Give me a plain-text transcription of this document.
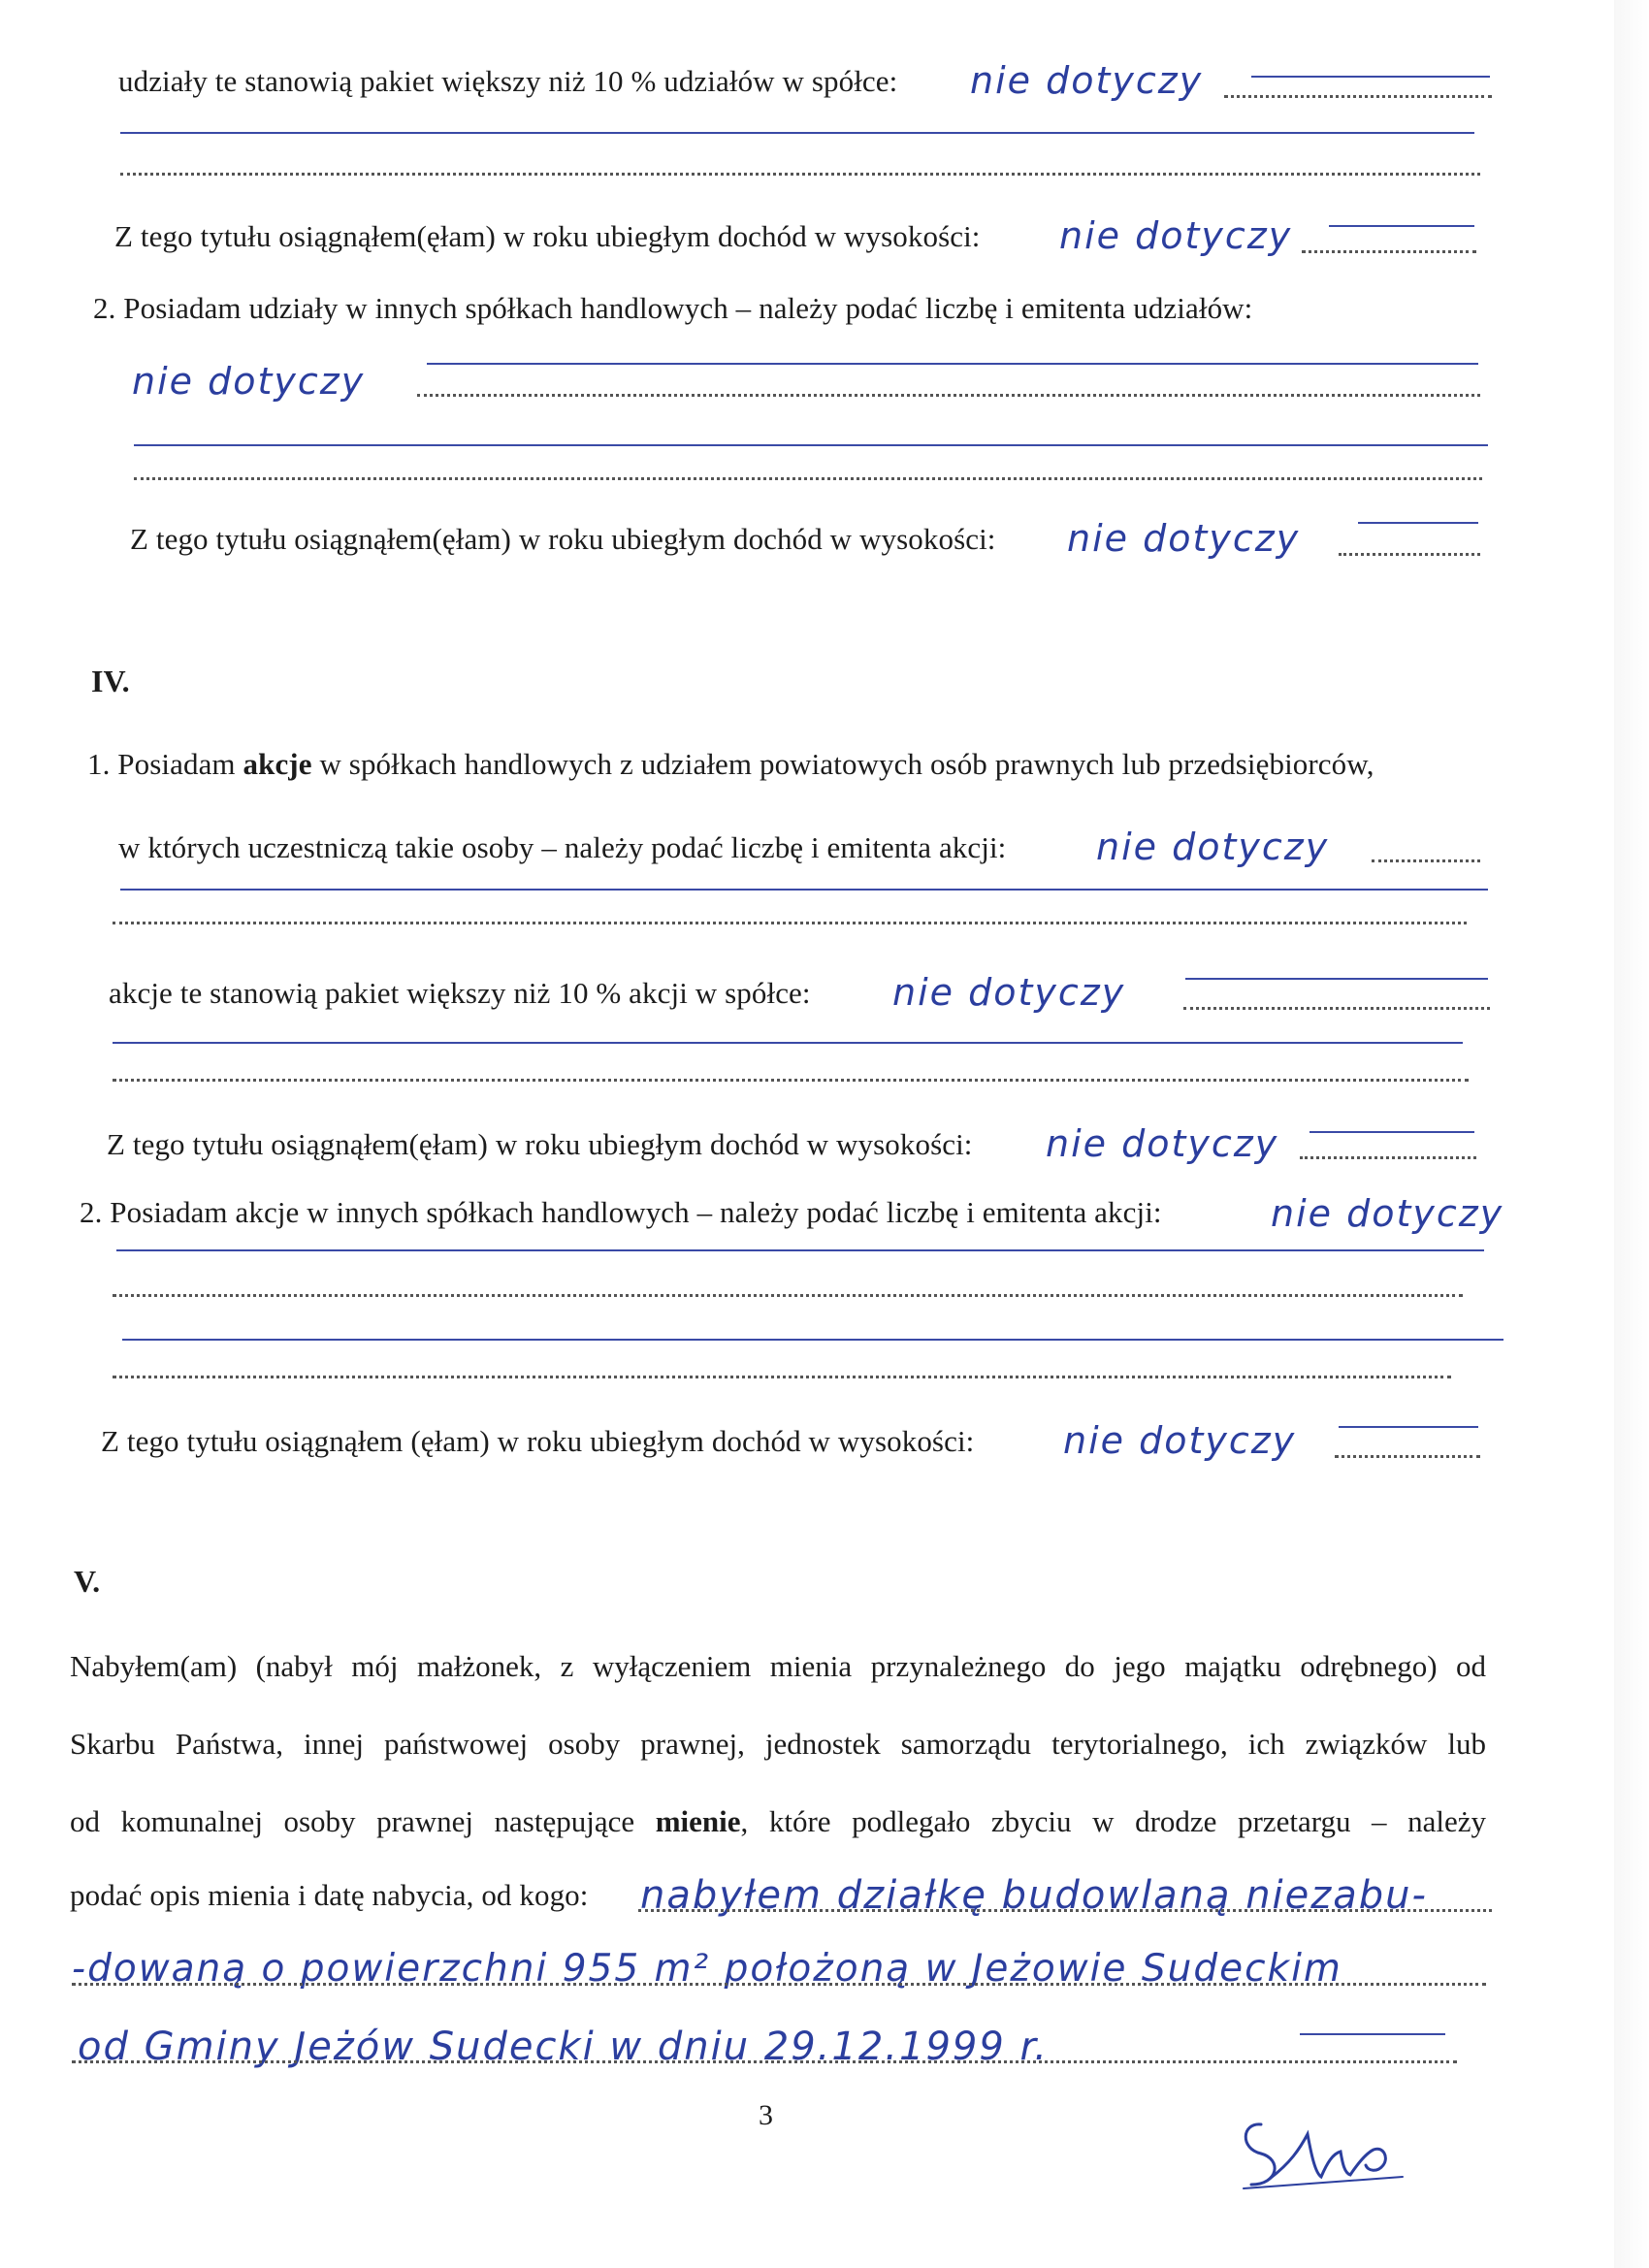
udziały te stanowią pakiet większy niż 10 % udziałów w spółce: nie dotyczy
Z tego tytułu osiągnąłem(ęłam) w roku ubiegłym dochód w wysokości: nie dotyczy
2. Posiadam udziały w innych spółkach handlowych – należy podać liczbę i emitenta udziałów:
nie dotyczy
Z tego tytułu osiągnąłem(ęłam) w roku ubiegłym dochód w wysokości: nie dotyczy
IV.
1. Posiadam akcje w spółkach handlowych z udziałem powiatowych osób prawnych lub przedsiębiorców,
w których uczestniczą takie osoby – należy podać liczbę i emitenta akcji: nie dotyczy
akcje te stanowią pakiet większy niż 10 % akcji w spółce: nie dotyczy
Z tego tytułu osiągnąłem(ęłam) w roku ubiegłym dochód w wysokości: nie dotyczy
2. Posiadam akcje w innych spółkach handlowych – należy podać liczbę i emitenta akcji:	nie dotyczy
Z tego tytułu osiągnąłem (ęłam) w roku ubiegłym dochód w wysokości: nie dotyczy
V.
Nabyłem(am) (nabył mój małżonek, z wyłączeniem mienia przynależnego do jego majątku odrębnego) od
Skarbu Państwa, innej państwowej osoby prawnej, jednostek samorządu terytorialnego, ich związków lub
od komunalnej osoby prawnej następujące mienie, które podlegało zbyciu w drodze przetargu – należy
podać opis mienia i datę nabycia, od kogo: nabyłem działkę budowlaną niezabu-
-dowaną o powierzchni 955 m² położoną w Jeżowie Sudeckim
od Gminy Jeżów Sudecki w dniu 29.12.1999 r.
3
